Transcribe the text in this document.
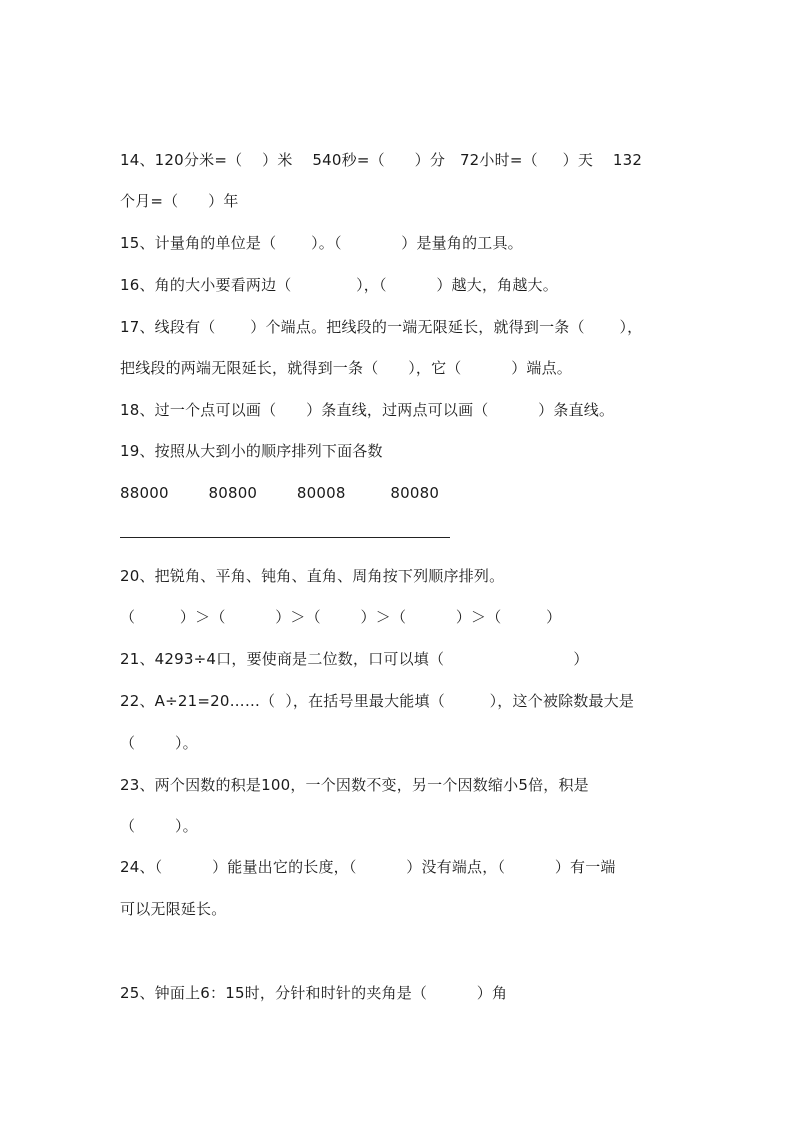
14、120分米=（    ）米    540秒=（      ）分   72小时=（     ）天    132
个月=（      ）年
15、计量角的单位是（       ）。（            ）是量角的工具。
16、角的大小要看两边（             ），（          ）越大，角越大。
17、线段有（       ）个端点。把线段的一端无限延长，就得到一条（       ），
把线段的两端无限延长，就得到一条（      ），它（          ）端点。
18、过一个点可以画（      ）条直线，过两点可以画（          ）条直线。
19、按照从大到小的顺序排列下面各数
88000        80800        80008         80080
20、把锐角、平角、钝角、直角、周角按下列顺序排列。
（         ）＞（          ）＞（        ）＞（          ）＞（         ）
21、4293÷4口，要使商是二位数，口可以填（                          ）
22、A÷21=20……（  ），在括号里最大能填（         ），这个被除数最大是
（        ）。
23、两个因数的积是100，一个因数不变，另一个因数缩小5倍，积是
（        ）。
24、（          ）能量出它的长度，（          ）没有端点，（          ）有一端
可以无限延长。
25、钟面上6：15时，分针和时针的夹角是（          ）角
